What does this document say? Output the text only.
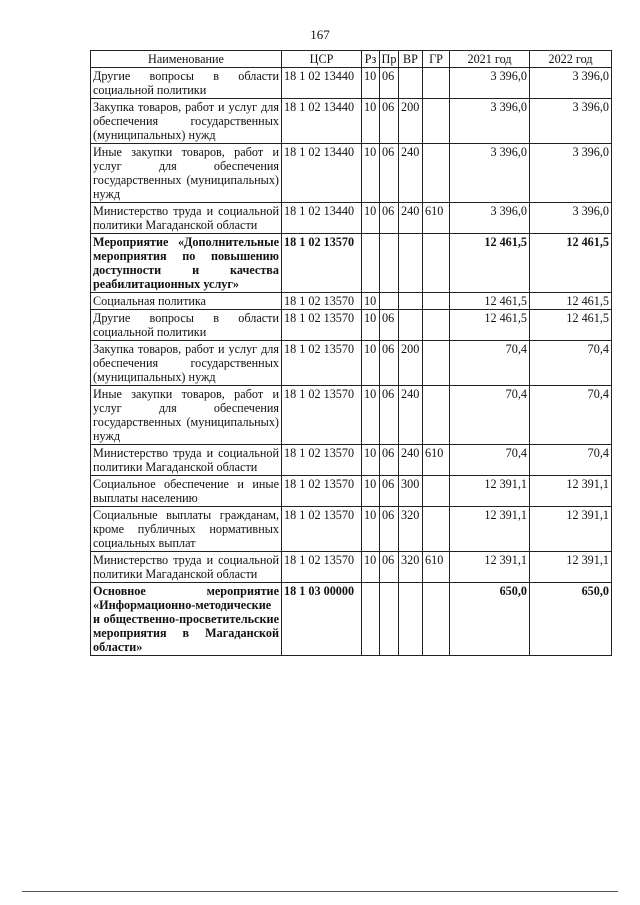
167
Наименование	ЦСР	Рз	Пр	ВР	ГР	2021 год	2022 год
Другие вопросы в области социальной политики	18 1 02 13440	10	06			3 396,0	3 396,0
Закупка товаров, работ и услуг для обеспечения государственных (муниципальных) нужд	18 1 02 13440	10	06	200		3 396,0	3 396,0
Иные закупки товаров, работ и услуг для обеспечения государственных (муниципальных) нужд	18 1 02 13440	10	06	240		3 396,0	3 396,0
Министерство труда и социальной политики Магаданской области	18 1 02 13440	10	06	240	610	3 396,0	3 396,0
Мероприятие «Дополнительные мероприятия по повышению доступности и качества реабилитационных услуг»	18 1 02 13570					12 461,5	12 461,5
Социальная политика	18 1 02 13570	10				12 461,5	12 461,5
Другие вопросы в области социальной политики	18 1 02 13570	10	06			12 461,5	12 461,5
Закупка товаров, работ и услуг для обеспечения государственных (муниципальных) нужд	18 1 02 13570	10	06	200		70,4	70,4
Иные закупки товаров, работ и услуг для обеспечения государственных (муниципальных) нужд	18 1 02 13570	10	06	240		70,4	70,4
Министерство труда и социальной политики Магаданской области	18 1 02 13570	10	06	240	610	70,4	70,4
Социальное обеспечение и иные выплаты населению	18 1 02 13570	10	06	300		12 391,1	12 391,1
Социальные выплаты гражданам, кроме публичных нормативных социальных выплат	18 1 02 13570	10	06	320		12 391,1	12 391,1
Министерство труда и социальной политики Магаданской области	18 1 02 13570	10	06	320	610	12 391,1	12 391,1
Основное мероприятие «Информационно-методические и общественно-просветительские мероприятия в Магаданской области»	18 1 03 00000					650,0	650,0
